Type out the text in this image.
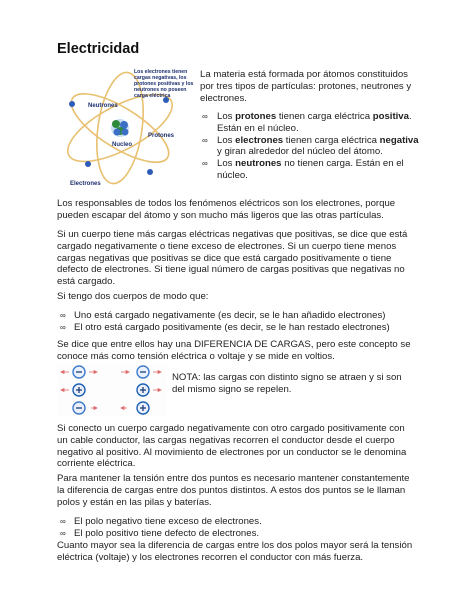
Electricidad
Los electrones tienen
cargas negativas, los
protones positivas y los
neutrones no poseen
carga eléctrica
Neutrones
Protones
Nucleo
Electrones
La materia está formada por átomos constituidos por tres tipos de partículas: protones, neutrones y electrones.
∞ Los protones tienen carga eléctrica positiva. Están en el núcleo.
∞ Los electrones tienen carga eléctrica negativa y giran alrededor del núcleo del átomo.
∞ Los neutrones no tienen carga. Están en el núcleo.

Los responsables de todos los fenómenos eléctricos son los electrones, porque pueden escapar del átomo y son mucho más ligeros que las otras partículas.

Si un cuerpo tiene más cargas eléctricas negativas que positivas, se dice que está cargado negativamente o tiene exceso de electrones. Si un cuerpo tiene menos cargas negativas que positivas se dice que está cargado positivamente o tiene defecto de electrones. Si tiene igual número de cargas positivas que negativas no está cargado.

Si tengo dos cuerpos de modo que:

∞ Uno está cargado negativamente (es decir, se le han añadido electrones)
∞ El otro está cargado positivamente (es decir, se le han restado electrones)

Se dice que entre ellos hay una DIFERENCIA DE CARGAS, pero este concepto se conoce más como tensión eléctrica o voltaje y se mide en voltios.

NOTA: las cargas con distinto signo se atraen y si son del mismo signo se repelen.

Si conecto un cuerpo cargado negativamente con otro cargado positivamente con un cable conductor, las cargas negativas recorren el conductor desde el cuerpo negativo al positivo. Al movimiento de electrones por un conductor se le denomina corriente eléctrica.

Para mantener la tensión entre dos puntos es necesario mantener constantemente la diferencia de cargas entre dos puntos distintos. A estos dos puntos se le llaman polos y están en las pilas y baterías.

∞ El polo negativo tiene exceso de electrones.
∞ El polo positivo tiene defecto de electrones.

Cuanto mayor sea la diferencia de cargas entre los dos polos mayor será la tensión eléctrica (voltaje) y los electrones recorren el conductor con más fuerza.
